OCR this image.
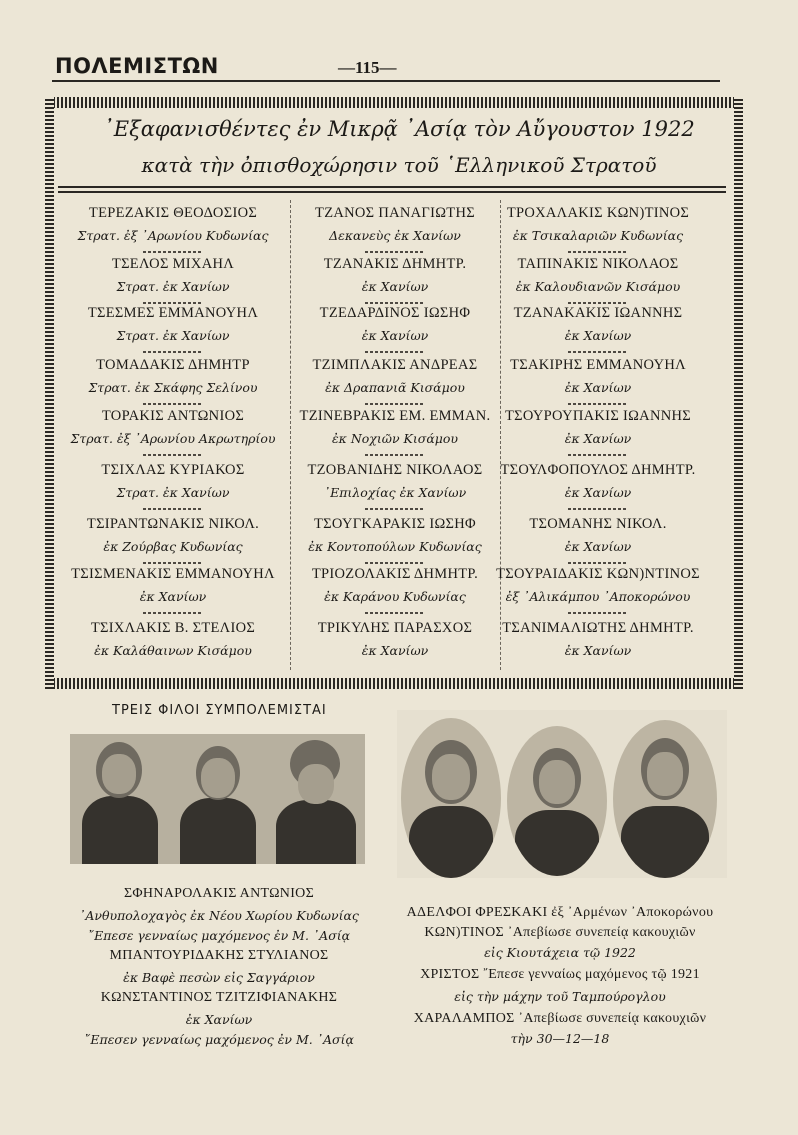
ΠΟΛΕΜΙΣΤΩΝ	—115—
᾿Εξαφανισθέντες ἐν Μικρᾷ ᾿Ασίᾳ τὸν Αὔγουστον 1922
κατὰ τὴν ὀπισθοχώρησιν τοῦ ῾Ελληνικοῦ Στρατοῦ
ΤΕΡΕΖΑΚΙΣ ΘΕΟΔΟΣΙΟΣ
Στρατ. ἐξ ᾿Αρωνίου Κυδωνίας
ΤΣΕΛΟΣ ΜΙΧΑΗΛ
Στρατ. ἐκ Χανίων
ΤΣΕΣΜΕΣ ΕΜΜΑΝΟΥΗΛ
Στρατ. ἐκ Χανίων
ΤΟΜΑΔΑΚΙΣ ΔΗΜΗΤΡ
Στρατ. ἐκ Σκάφης Σελίνου
ΤΟΡΑΚΙΣ ΑΝΤΩΝΙΟΣ
Στρατ. ἐξ ᾿Αρωνίου Ακρωτηρίου
ΤΣΙΧΛΑΣ ΚΥΡΙΑΚΟΣ
Στρατ. ἐκ Χανίων
ΤΣΙΡΑΝΤΩΝΑΚΙΣ ΝΙΚΟΛ.
ἐκ Ζούρβας Κυδωνίας
ΤΣΙΣΜΕΝΑΚΙΣ ΕΜΜΑΝΟΥΗΛ
ἐκ Χανίων
ΤΣΙΧΛΑΚΙΣ Β. ΣΤΕΛΙΟΣ
ἐκ Καλάθαινων Κισάμου
ΤΖΑΝΟΣ ΠΑΝΑΓΙΩΤΗΣ
Δεκανεὺς ἐκ Χανίων
ΤΖΑΝΑΚΙΣ ΔΗΜΗΤΡ.
ἐκ Χανίων
ΤΖΕΔΑΡΔΙΝΟΣ ΙΩΣΗΦ
ἐκ Χανίων
ΤΖΙΜΠΛΑΚΙΣ ΑΝΔΡΕΑΣ
ἐκ Δραπανιᾶ Κισάμου
ΤΖΙΝΕΒΡΑΚΙΣ ΕΜ. ΕΜΜΑΝ.
ἐκ Νοχιῶν Κισάμου
ΤΖΟΒΑΝΙΔΗΣ ΝΙΚΟΛΑΟΣ
᾿Επιλοχίας ἐκ Χανίων
ΤΣΟΥΓΚΑΡΑΚΙΣ ΙΩΣΗΦ
ἐκ Κοντοπούλων Κυδωνίας
ΤΡΙΟΖΟΛΑΚΙΣ ΔΗΜΗΤΡ.
ἐκ Καράνου Κυδωνίας
ΤΡΙΚΥΛΗΣ ΠΑΡΑΣΧΟΣ
ἐκ Χανίων
ΤΡΟΧΑΛΑΚΙΣ ΚΩΝ)ΤΙΝΟΣ
ἐκ Τσικαλαριῶν Κυδωνίας
ΤΑΠΙΝΑΚΙΣ ΝΙΚΟΛΑΟΣ
ἐκ Καλουδιανῶν Κισάμου
ΤΖΑΝΑΚΑΚΙΣ ΙΩΑΝΝΗΣ
ἐκ Χανίων
ΤΣΑΚΙΡΗΣ ΕΜΜΑΝΟΥΗΛ
ἐκ Χανίων
ΤΣΟΥΡΟΥΠΑΚΙΣ ΙΩΑΝΝΗΣ
ἐκ Χανίων
ΤΣΟΥΛΦΟΠΟΥΛΟΣ ΔΗΜΗΤΡ.
ἐκ Χανίων
ΤΣΟΜΑΝΗΣ ΝΙΚΟΛ.
ἐκ Χανίων
ΤΣΟΥΡΑΙΔΑΚΙΣ ΚΩΝ)ΝΤΙΝΟΣ
ἐξ ᾿Αλικάμπου ᾿Αποκορώνου
ΤΣΑΝΙΜΑΛΙΩΤΗΣ ΔΗΜΗΤΡ.
ἐκ Χανίων
ΤΡΕΙΣ ΦΙΛΟΙ ΣΥΜΠΟΛΕΜΙΣΤΑΙ
ΣΦΗΝΑΡΟΛΑΚΙΣ ΑΝΤΩΝΙΟΣ
᾿Ανθυπολοχαγὸς ἐκ Νέου Χωρίου Κυδωνίας
῎Επεσε γενναίως μαχόμενος ἐν Μ. ᾿Ασίᾳ
ΜΠΑΝΤΟΥΡΙΔΑΚΗΣ ΣΤΥΛΙΑΝΟΣ
ἐκ Βαφὲ πεσὼν εἰς Σαγγάριον
ΚΩΝΣΤΑΝΤΙΝΟΣ ΤΖΙΤΖΙΦΙΑΝΑΚΗΣ
ἐκ Χανίων
῎Επεσεν γενναίως μαχόμενος ἐν Μ. ᾿Ασίᾳ
ΑΔΕΛΦΟΙ ΦΡΕΣΚΑΚΙ ἐξ ᾿Αρμένων ᾿Αποκορώνου
ΚΩΝ)ΤΙΝΟΣ ᾿Απεβίωσε συνεπείᾳ κακουχιῶν
εἰς Κιουτάχεια τῷ 1922
ΧΡΙΣΤΟΣ ῎Επεσε γενναίως μαχόμενος τῷ 1921
εἰς τὴν μάχην τοῦ Ταμπούρογλου
ΧΑΡΑΛΑΜΠΟΣ ᾿Απεβίωσε συνεπείᾳ κακουχιῶν
τὴν 30—12—18
